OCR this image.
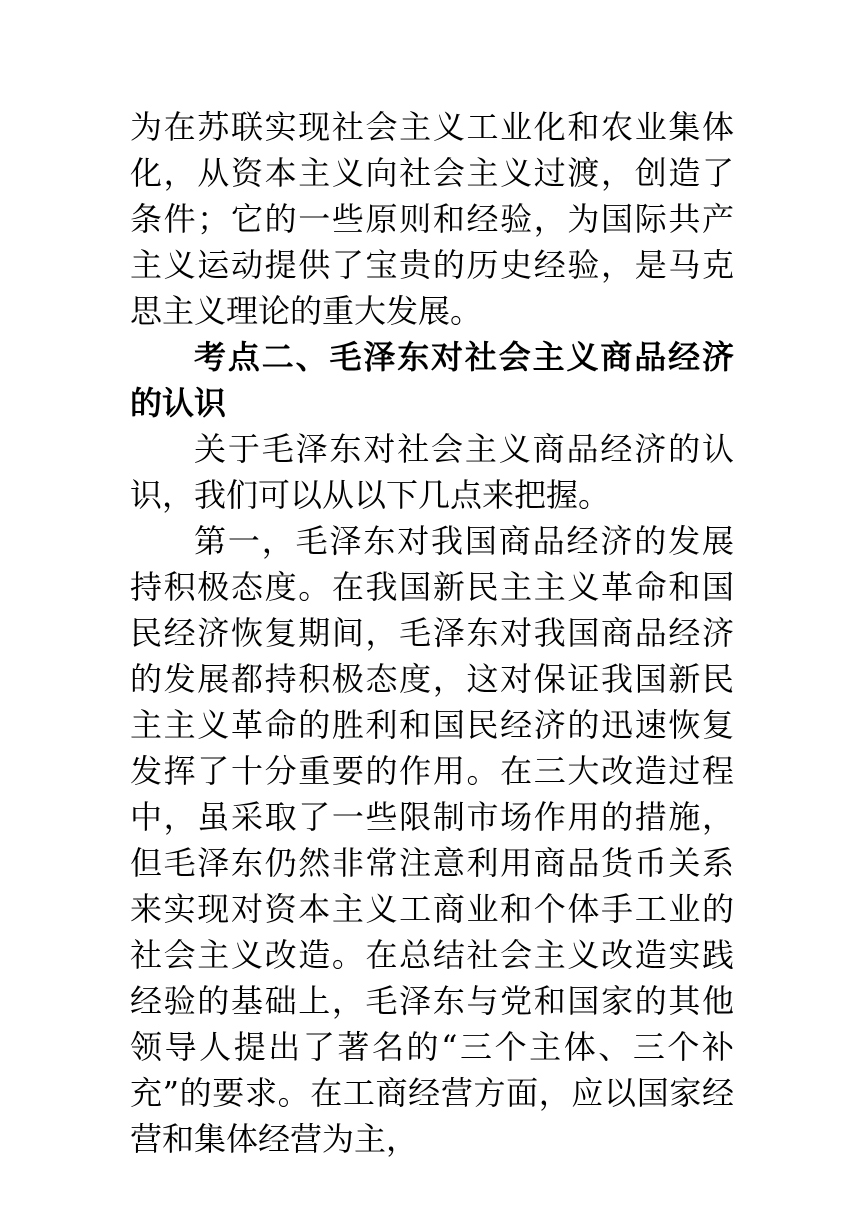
为在苏联实现社会主义工业化和农业集体化，从资本主义向社会主义过渡，创造了条件；它的一些原则和经验，为国际共产主义运动提供了宝贵的历史经验，是马克思主义理论的重大发展。

考点二、毛泽东对社会主义商品经济的认识

关于毛泽东对社会主义商品经济的认识，我们可以从以下几点来把握。

第一，毛泽东对我国商品经济的发展持积极态度。在我国新民主主义革命和国民经济恢复期间，毛泽东对我国商品经济的发展都持积极态度，这对保证我国新民主主义革命的胜利和国民经济的迅速恢复发挥了十分重要的作用。在三大改造过程中，虽采取了一些限制市场作用的措施，但毛泽东仍然非常注意利用商品货币关系来实现对资本主义工商业和个体手工业的社会主义改造。在总结社会主义改造实践经验的基础上，毛泽东与党和国家的其他领导人提出了著名的“三个主体、三个补充”的要求。在工商经营方面，应以国家经营和集体经营为主，
